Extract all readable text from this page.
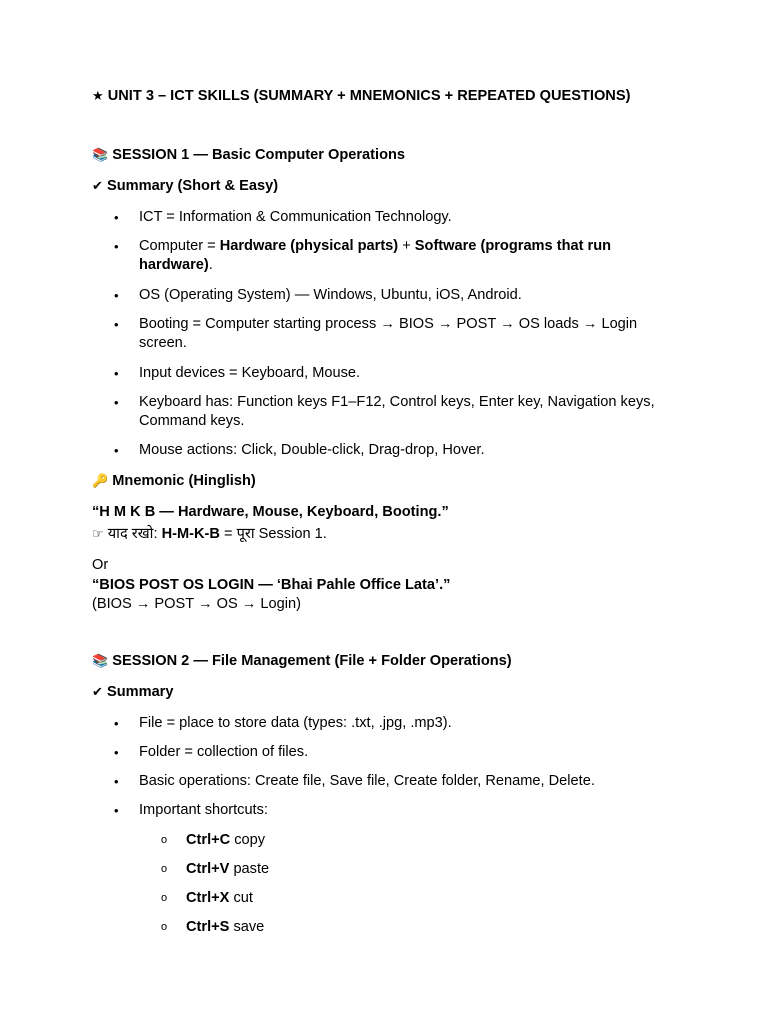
★ UNIT 3 – ICT SKILLS (SUMMARY + MNEMONICS + REPEATED QUESTIONS)
📚 SESSION 1 — Basic Computer Operations
✔ Summary (Short & Easy)
•	ICT = Information & Communication Technology.
•	Computer = Hardware (physical parts) + Software (programs that run hardware).
•	OS (Operating System) — Windows, Ubuntu, iOS, Android.
•	Booting = Computer starting process → BIOS → POST → OS loads → Login screen.
•	Input devices = Keyboard, Mouse.
•	Keyboard has: Function keys F1–F12, Control keys, Enter key, Navigation keys, Command keys.
•	Mouse actions: Click, Double-click, Drag-drop, Hover.
🔑 Mnemonic (Hinglish)
“H M K B — Hardware, Mouse, Keyboard, Booting.”
☞ याद रखो: H-M-K-B = पूरा Session 1.
Or
“BIOS POST OS LOGIN — ‘Bhai Pahle Office Lata’.”
(BIOS → POST → OS → Login)
📚 SESSION 2 — File Management (File + Folder Operations)
✔ Summary
•	File = place to store data (types: .txt, .jpg, .mp3).
•	Folder = collection of files.
•	Basic operations: Create file, Save file, Create folder, Rename, Delete.
•	Important shortcuts:
o Ctrl+C copy
o Ctrl+V paste
o Ctrl+X cut
o Ctrl+S save
